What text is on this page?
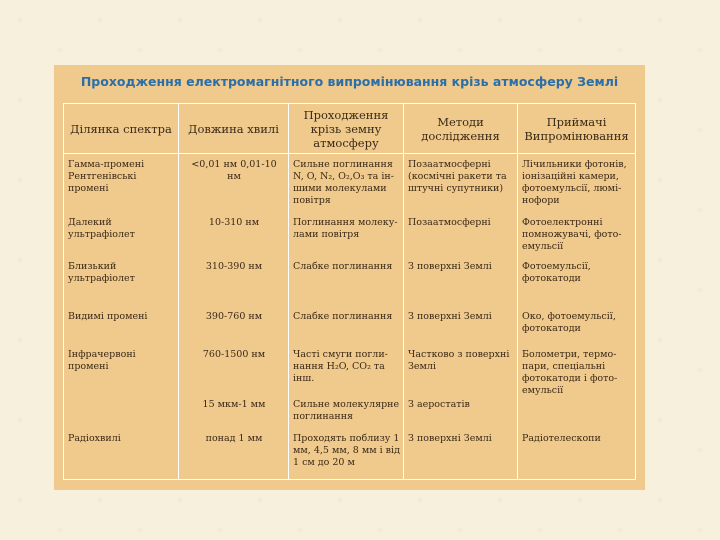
Проходження електромагнітного випромінювання крізь атмосферу Землі
Ділянка спектра	Довжина хвилі	Проходження крізь земну атмосферу	Методи дослідження	Приймачі Випромінювання
Гамма-промені Рентгенівські промені	<0,01 нм 0,01-10 нм	Сильне поглинання N, O, N₂, O₂,O₃ та ін-шими молекулами повітря	Позаатмосферні (космічні ракети та штучні супутники)	Лічильники фотонів, іонізаційні камери, фотоемульсії, люмі-нофори
Далекий ультрафіолет	10-310 нм	Поглинання молеку-лами повітря	Позаатмосферні	Фотоелектронні помножувачі, фото-емульсії
Близький ультрафіолет	310-390 нм	Слабке поглинання	З поверхні Землі	Фотоемульсії, фотокатоди
Видимі промені	390-760 нм	Слабке поглинання	З поверхні Землі	Око, фотоемульсії, фотокатоди
Інфрачервоні промені	760-1500 нм	Часті смуги погли-нання H₂O, CO₂ та інш.	Частково з поверхні Землі	Болометри, термо-пари, спеціальні фотокатоди і фото-емульсії
	15 мкм-1 мм	Сильне молекулярне поглинання	З аеростатів	
Радіохвилі	понад 1 мм	Проходять поблизу 1 мм, 4,5 мм, 8 мм і від 1 см до 20 м	З поверхні Землі	Радіотелескопи
